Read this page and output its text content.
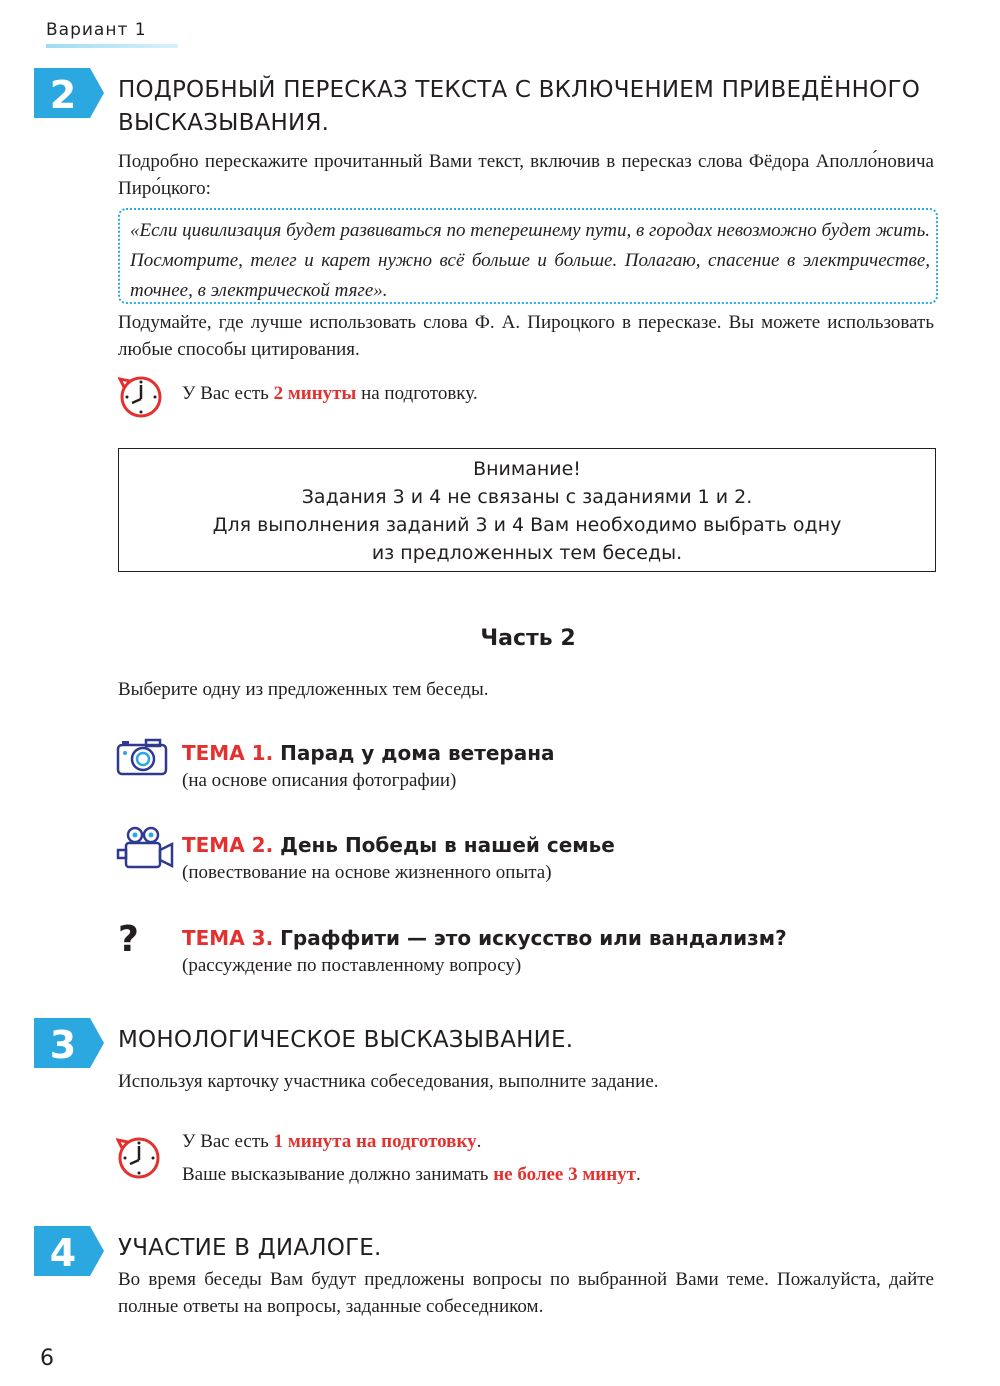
Вариант 1
2 ПОДРОБНЫЙ ПЕРЕСКАЗ ТЕКСТА С ВКЛЮЧЕНИЕМ ПРИВЕДЁННОГО
ВЫСКАЗЫВАНИЯ.
Подробно перескажите прочитанный Вами текст, включив в пересказ слова Фёдора Аполло́новича Пиро́цкого:
«Если цивилизация будет развиваться по теперешнему пути, в городах невозможно будет жить. Посмотрите, телег и карет нужно всё больше и больше. Полагаю, спасение в электричестве, точнее, в электрической тяге».
Подумайте, где лучше использовать слова Ф. А. Пироцкого в пересказе. Вы можете использовать любые способы цитирования.
У Вас есть 2 минуты на подготовку.
Внимание!
Задания 3 и 4 не связаны с заданиями 1 и 2.
Для выполнения заданий 3 и 4 Вам необходимо выбрать одну
из предложенных тем беседы.
Часть 2
Выберите одну из предложенных тем беседы.
ТЕМА 1. Парад у дома ветерана
(на основе описания фотографии)
ТЕМА 2. День Победы в нашей семье
(повествование на основе жизненного опыта)
? ТЕМА 3. Граффити — это искусство или вандализм?
(рассуждение по поставленному вопросу)
3 МОНОЛОГИЧЕСКОЕ ВЫСКАЗЫВАНИЕ.
Используя карточку участника собеседования, выполните задание.
У Вас есть 1 минута на подготовку.
Ваше высказывание должно занимать не более 3 минут.
4 УЧАСТИЕ В ДИАЛОГЕ.
Во время беседы Вам будут предложены вопросы по выбранной Вами теме. Пожалуйста, дайте полные ответы на вопросы, заданные собеседником.
6
